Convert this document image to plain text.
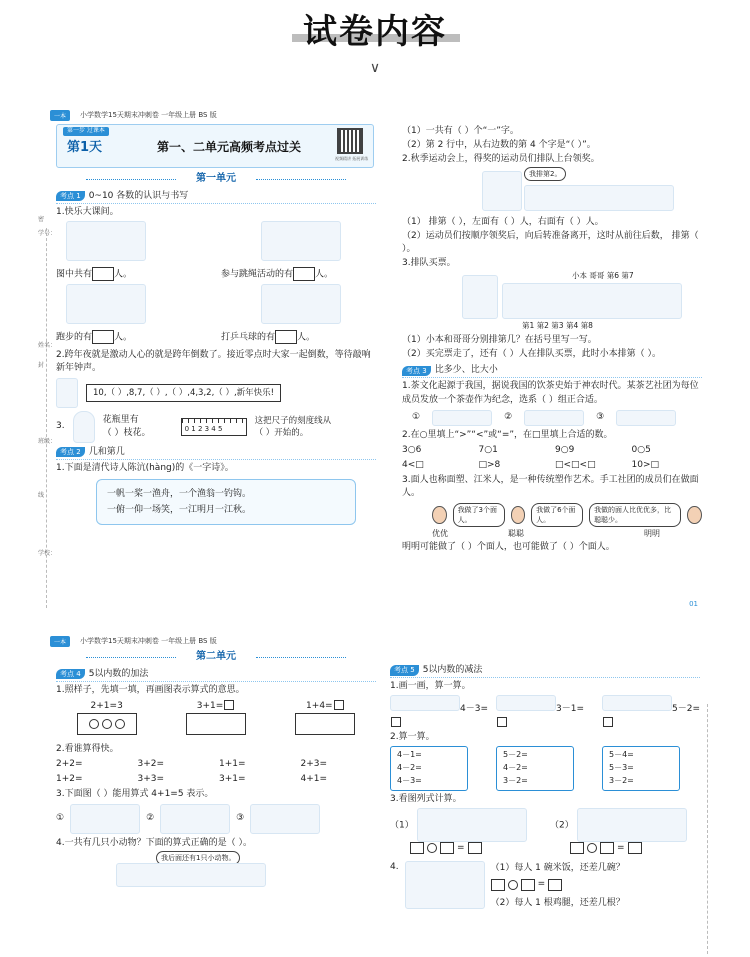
试卷内容
∨
一本	小学数学15天期末冲刺卷 一年级上册 BS 版
学号：
密
姓名：
封
班级：
线
学校：
第一步 过课本
第1天	第一、二单元高频考点过关
视频精讲 拓展训练
第一单元
考点 1 0~10 各数的认识与书写
1.快乐大课间。
图中共有 人。	参与跳绳活动的有 人。
跑步的有 人。	打乒乓球的有 人。
2.跨年夜就是激动人心的就是跨年倒数了。接近零点时大家一起倒数，等待敲响新年钟声。
10,（ ）,8,7,（ ）,（ ）,4,3,2,（ ）,新年快乐!
3.
花瓶里有
（ ）枝花。	0 1 2 3 4 5
这把尺子的刻度线从（ ）开始的。
考点 2 几和第几
1.下面是清代诗人陈沆(hàng)的《一字诗》。
一帆一桨一渔舟，一个渔翁一钓钩。
一俯一仰一场笑，一江明月一江秋。
（1）一共有（ ）个“一”字。
（2）第 2 行中，从右边数的第 4 个字是“（ ）”。
2.秋季运动会上，得奖的运动员们排队上台领奖。
我排第2。
（1） 排第（ ），左面有（ ）人，右面有（ ）人。
（2）运动员们按顺序领奖后，向后转准备离开，这时从前往后数， 排第（ ）。
3.排队买票。
小本 哥哥 第6 第7
第1 第2 第3 第4 第8
（1）小本和哥哥分别排第几？在括号里写一写。
（2）买完票走了，还有（ ）人在排队买票，此时小本排第（ ）。
考点 3 比多少、比大小
1.茶文化起源于我国，据说我国的饮茶史始于神农时代。某茶艺社团为每位成员发放一个茶壶作为纪念，选系（ ）组正合适。
①	②	③
2.在○里填上“>”“<”或“=”，在□里填上合适的数。
3○6	7○1	9○9	0○5
4<□	□>8	□<□<□	10>□
3.面人也称面塑、江米人，是一种传统塑作艺术。手工社团的成员们在做面人。
我做了3个面人。
我做了6个面人。
我做的面人比优优多，比聪聪少。
优优	聪聪	明明
明明可能做了（ ）个面人，也可能做了（ ）个面人。
01
一本	小学数学15天期末冲刺卷 一年级上册 BS 版
第二单元
考点 4 5以内数的加法
1.照样子，先填一填，再画图表示算式的意思。
2+1=3
	3+1=	1+4=
2.看谁算得快。
2+2=	3+2=	1+1=	2+3=
1+2=	3+3=	3+1=	4+1=
3.下面图（ ）能用算式 4+1=5 表示。
①	②	③
4.一共有几只小动物？下面的算式正确的是（ ）。
我后面还有1只小动物。
考点 5 5以内数的减法
1.画一画，算一算。
4－3=	3－1=	5－2=
2.算一算。
4－1=
4－2=
4－3=
5－2=
4－2=
3－2=
5－4=
5－3=
3－2=
3.看图列式计算。
（1）
=
（2）
=
4.	（1）每人 1 碗米饭，还差几碗？
=
（2）每人 1 根鸡腿，还差几根？
